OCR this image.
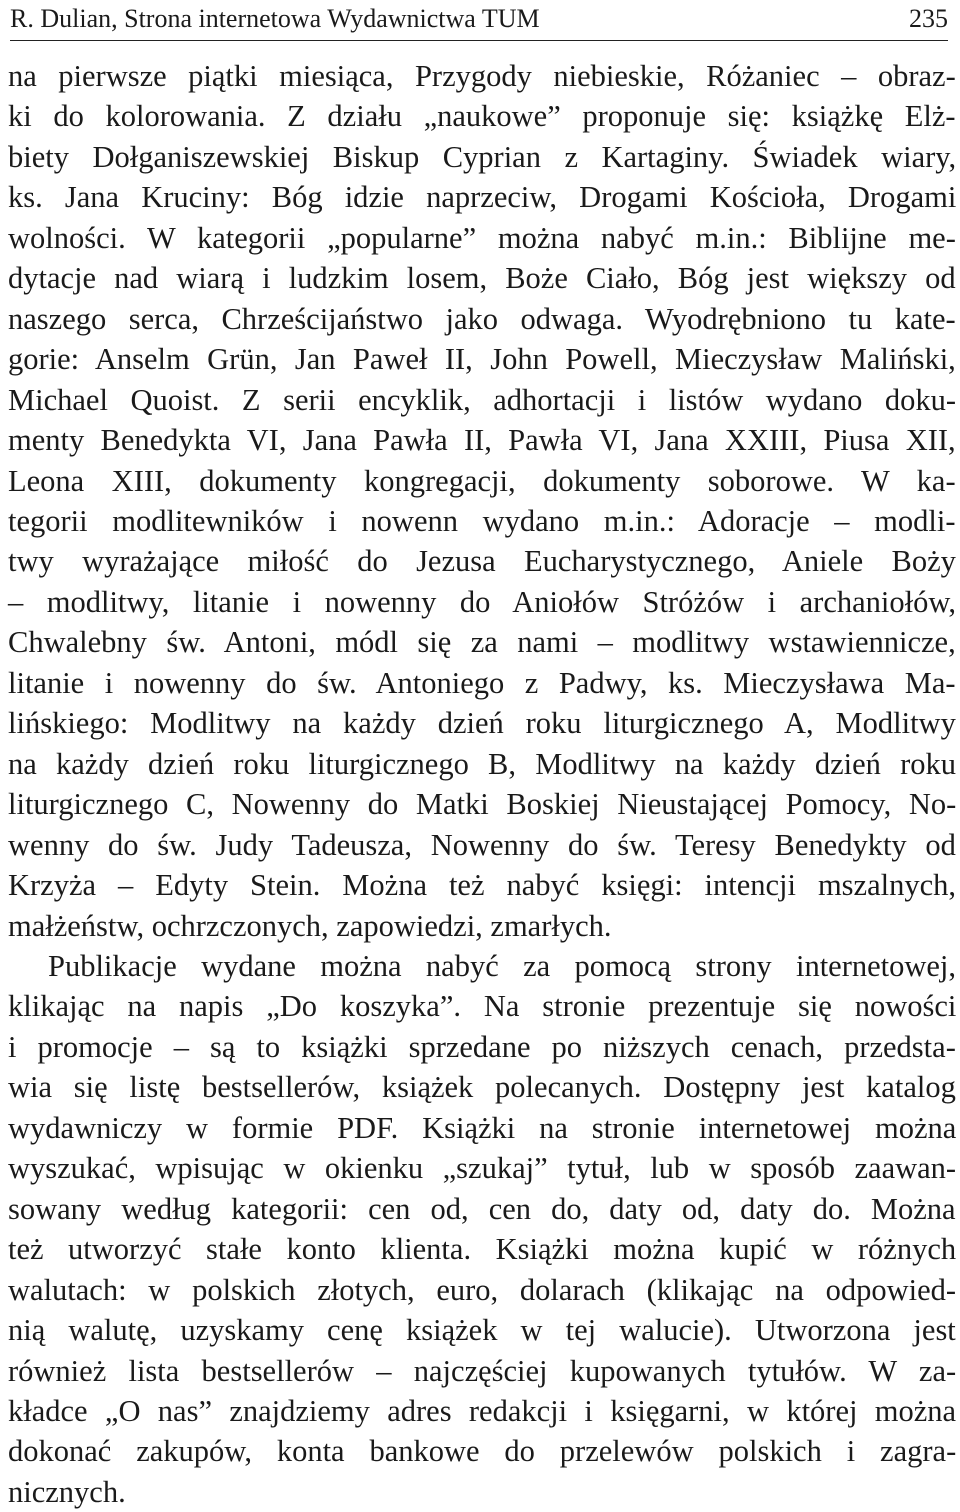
R. Dulian, Strona internetowa Wydawnictwa TUM	235

na pierwsze piątki miesiąca, Przygody niebieskie, Różaniec – obraz-
ki do kolorowania. Z działu „naukowe” proponuje się: książkę Elż-
biety Dołganiszewskiej Biskup Cyprian z Kartaginy. Świadek wiary,
ks. Jana Kruciny: Bóg idzie naprzeciw, Drogami Kościoła, Drogami
wolności. W kategorii „popularne” można nabyć m.in.: Biblijne me-
dytacje nad wiarą i ludzkim losem, Boże Ciało, Bóg jest większy od
naszego serca, Chrześcijaństwo jako odwaga. Wyodrębniono tu kate-
gorie: Anselm Grün, Jan Paweł II, John Powell, Mieczysław Maliński,
Michael Quoist. Z serii encyklik, adhortacji i listów wydano doku-
menty Benedykta VI, Jana Pawła II, Pawła VI, Jana XXIII, Piusa XII,
Leona XIII, dokumenty kongregacji, dokumenty soborowe. W ka-
tegorii modlitewników i nowenn wydano m.in.: Adoracje – modli-
twy wyrażające miłość do Jezusa Eucharystycznego, Aniele Boży
– modlitwy, litanie i nowenny do Aniołów Stróżów i archaniołów,
Chwalebny św. Antoni, módl się za nami – modlitwy wstawiennicze,
litanie i nowenny do św. Antoniego z Padwy, ks. Mieczysława Ma-
lińskiego: Modlitwy na każdy dzień roku liturgicznego A, Modlitwy
na każdy dzień roku liturgicznego B, Modlitwy na każdy dzień roku
liturgicznego C, Nowenny do Matki Boskiej Nieustającej Pomocy, No-
wenny do św. Judy Tadeusza, Nowenny do św. Teresy Benedykty od
Krzyża – Edyty Stein. Można też nabyć księgi: intencji mszalnych,
małżeństw, ochrzczonych, zapowiedzi, zmarłych.

Publikacje wydane można nabyć za pomocą strony internetowej,
klikając na napis „Do koszyka”. Na stronie prezentuje się nowości
i promocje – są to książki sprzedane po niższych cenach, przedsta-
wia się listę bestsellerów, książek polecanych. Dostępny jest katalog
wydawniczy w formie PDF. Książki na stronie internetowej można
wyszukać, wpisując w okienku „szukaj” tytuł, lub w sposób zaawan-
sowany według kategorii: cen od, cen do, daty od, daty do. Można
też utworzyć stałe konto klienta. Książki można kupić w różnych
walutach: w polskich złotych, euro, dolarach (klikając na odpowied-
nią walutę, uzyskamy cenę książek w tej walucie). Utworzona jest
również lista bestsellerów – najczęściej kupowanych tytułów. W za-
kładce „O nas” znajdziemy adres redakcji i księgarni, w której można
dokonać zakupów, konta bankowe do przelewów polskich i zagra-
nicznych.
